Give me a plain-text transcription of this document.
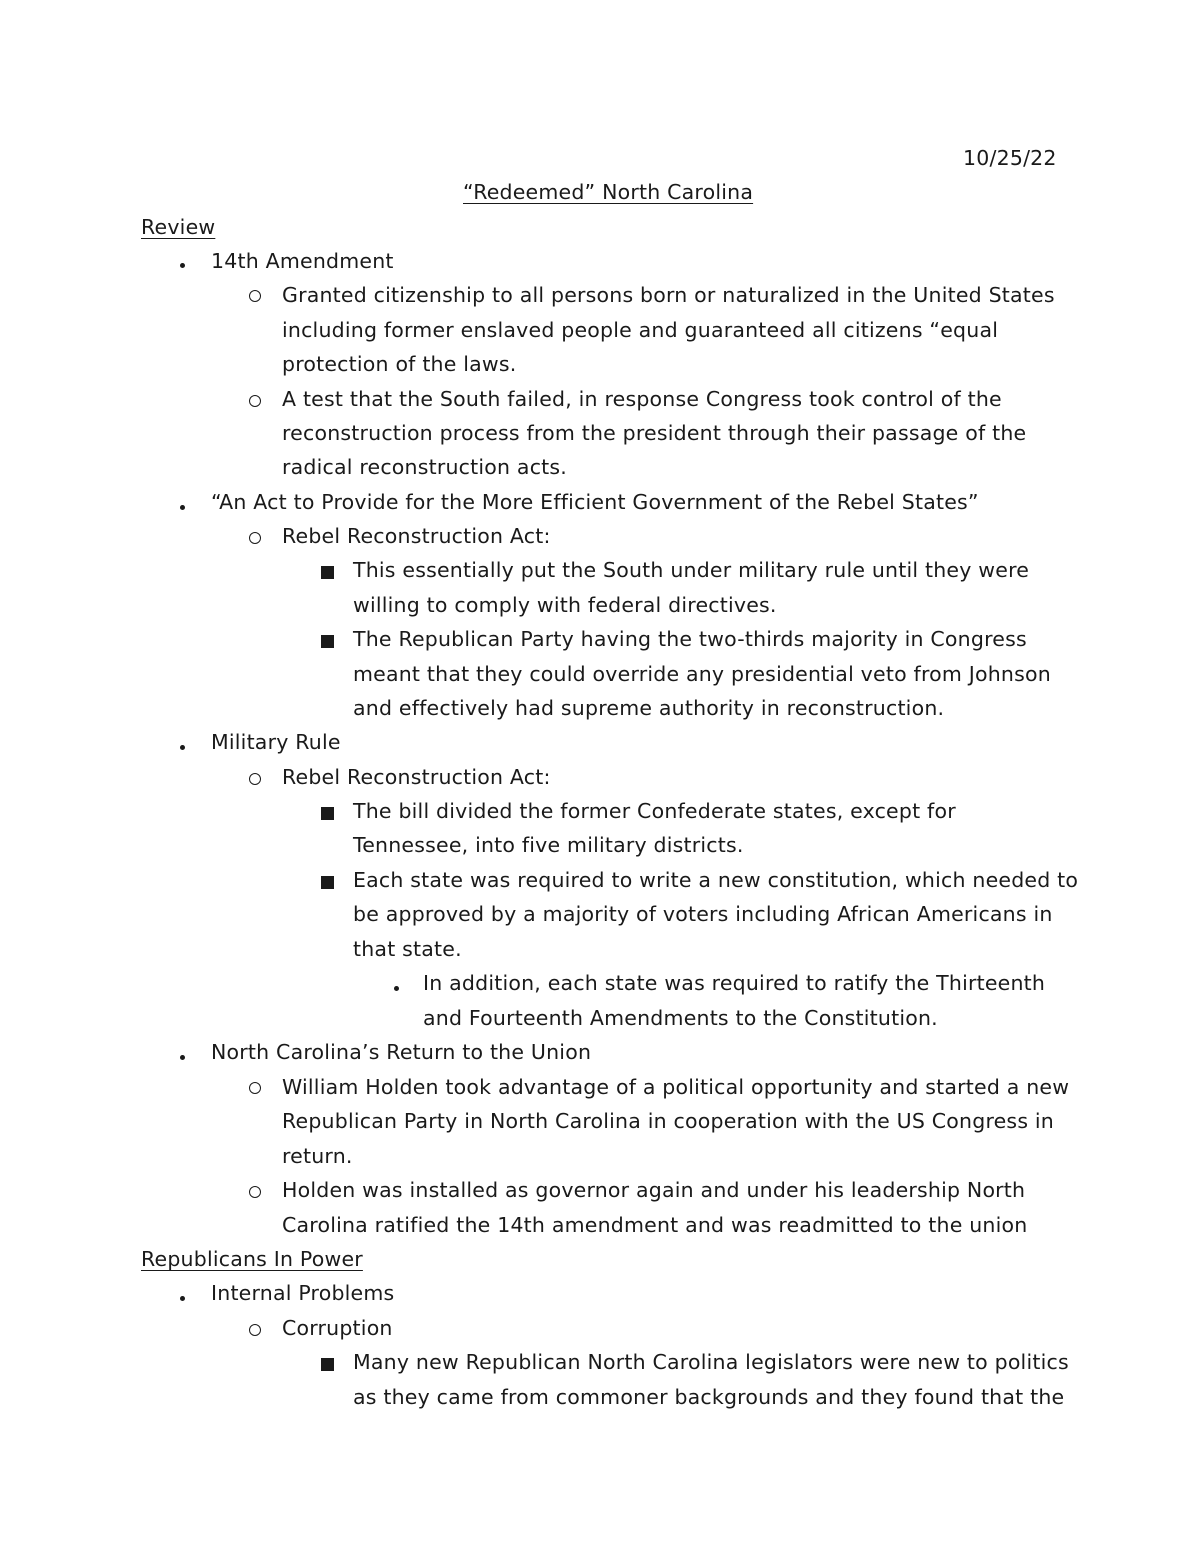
10/25/22
“Redeemed” North Carolina
Review
14th Amendment
Granted citizenship to all persons born or naturalized in the United States
including former enslaved people and guaranteed all citizens “equal
protection of the laws.
A test that the South failed, in response Congress took control of the
reconstruction process from the president through their passage of the
radical reconstruction acts.
“An Act to Provide for the More Efficient Government of the Rebel States”
Rebel Reconstruction Act:
This essentially put the South under military rule until they were
willing to comply with federal directives.
The Republican Party having the two-thirds majority in Congress
meant that they could override any presidential veto from Johnson
and effectively had supreme authority in reconstruction.
Military Rule
Rebel Reconstruction Act:
The bill divided the former Confederate states, except for
Tennessee, into five military districts.
Each state was required to write a new constitution, which needed to
be approved by a majority of voters including African Americans in
that state.
In addition, each state was required to ratify the Thirteenth
and Fourteenth Amendments to the Constitution.
North Carolina’s Return to the Union
William Holden took advantage of a political opportunity and started a new
Republican Party in North Carolina in cooperation with the US Congress in
return.
Holden was installed as governor again and under his leadership North
Carolina ratified the 14th amendment and was readmitted to the union
Republicans In Power
Internal Problems
Corruption
Many new Republican North Carolina legislators were new to politics
as they came from commoner backgrounds and they found that the
